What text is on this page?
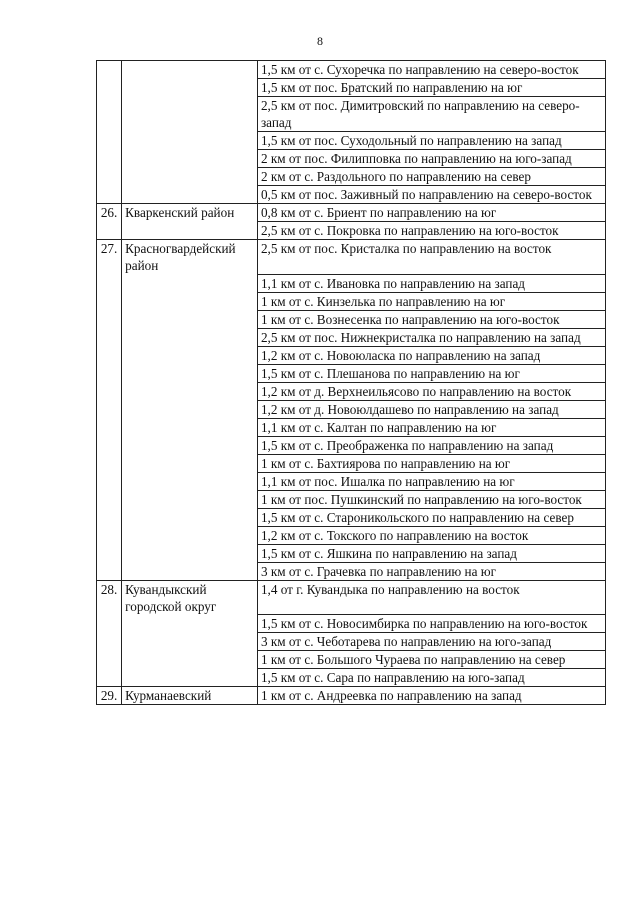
8
		1,5 км от с. Сухоречка по направлению на северо-восток
		1,5 км от пос. Братский по направлению на юг
		2,5 км от пос. Димитровский по направлению на северо-запад
		1,5 км от пос. Суходольный по направлению на запад
		2 км от пос. Филипповка по направлению на юго-запад
		2 км от с. Раздольного по направлению на север
		0,5 км от пос. Заживный по направлению на северо-восток
26.	Кваркенский район	0,8 км от с. Бриент по направлению на юг
		2,5 км от с. Покровка по направлению на юго-восток
27.	Красногвардейский район	2,5 км от пос. Кристалка по направлению на восток
		1,1 км от с. Ивановка по направлению на запад
		1 км от с. Кинзелька по направлению на юг
		1 км от с. Вознесенка по направлению на юго-восток
		2,5 км от пос. Нижнекристалка по направлению на запад
		1,2 км от с. Новоюласка по направлению на запад
		1,5 км от с. Плешанова по направлению на юг
		1,2 км от д. Верхнеильясово по направлению на восток
		1,2 км от д. Новоюлдашево по направлению на запад
		1,1 км от с. Калтан по направлению на юг
		1,5 км от с. Преображенка по направлению на запад
		1 км от с. Бахтиярова по направлению на юг
		1,1 км от пос. Ишалка по направлению на юг
		1 км от пос. Пушкинский по направлению на юго-восток
		1,5 км от с. Староникольского по направлению на север
		1,2 км от с. Токского по направлению на восток
		1,5 км от с. Яшкина по направлению на запад
		3 км от с. Грачевка по направлению на юг
28.	Кувандыкский городской округ	1,4 от г. Кувандыка по направлению на восток
		1,5 км от с. Новосимбирка по направлению на юго-восток
		3 км от с. Чеботарева по направлению на юго-запад
		1 км от с. Большого Чураева по направлению на север
		1,5 км от с. Сара по направлению на юго-запад
29.	Курманаевский	1 км от с. Андреевка по направлению на запад
